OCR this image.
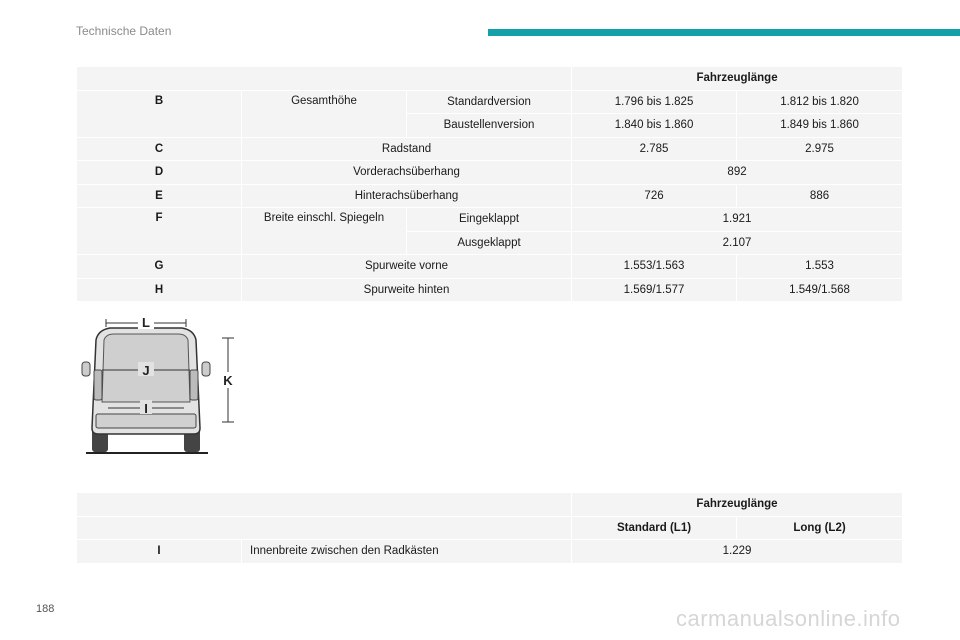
Technische Daten
			Fahrzeuglänge	
B	Gesamthöhe	Standardversion	1.796 bis 1.825	1.812 bis 1.820
		Baustellenversion	1.840 bis 1.860	1.849 bis 1.860
C	Radstand		2.785	2.975
D	Vorderachsüberhang		892	
E	Hinterachsüberhang		726	886
F	Breite einschl. Spiegeln	Eingeklappt	1.921	
		Ausgeklappt	2.107	
G	Spurweite vorne		1.553/1.563	1.553
H	Spurweite hinten		1.569/1.577	1.549/1.568
L
J
I
K
		Fahrzeuglänge	
		Standard (L1)	Long (L2)
I	Innenbreite zwischen den Radkästen	1.229	
188	carmanualsonline.info
